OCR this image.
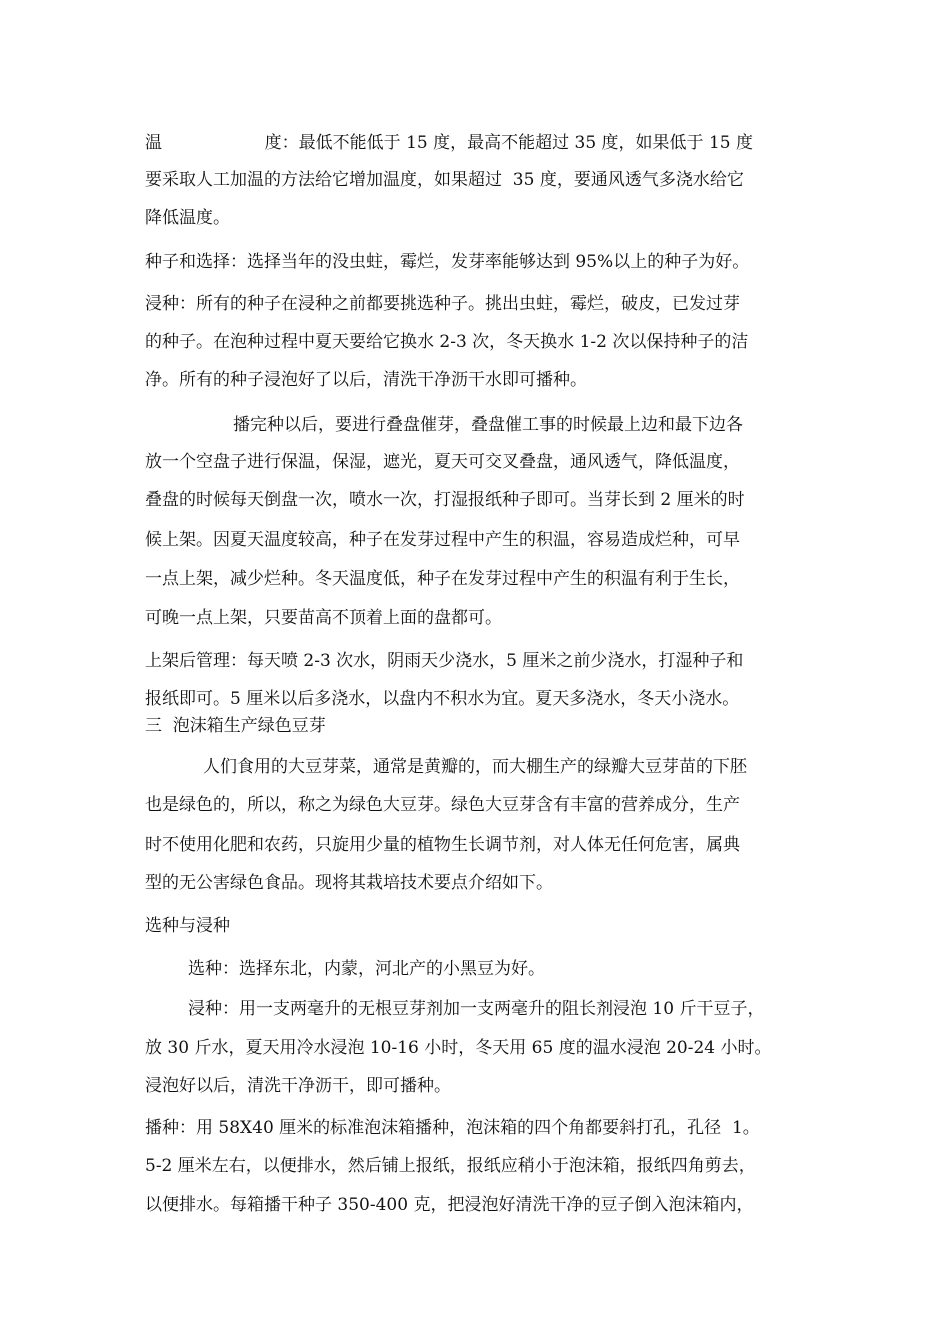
温                   度：最低不能低于 15 度，最高不能超过 35 度，如果低于 15 度
要采取人工加温的方法给它增加温度，如果超过  35 度，要通风透气多浇水给它
降低温度。
种子和选择：选择当年的没虫蛀，霉烂，发芽率能够达到 95%以上的种子为好。
浸种：所有的种子在浸种之前都要挑选种子。挑出虫蛀，霉烂，破皮，已发过芽
的种子。在泡种过程中夏天要给它换水 2-3 次，冬天换水 1-2 次以保持种子的洁
净。所有的种子浸泡好了以后，清洗干净沥干水即可播种。
播完种以后，要进行叠盘催芽，叠盘催工事的时候最上边和最下边各
放一个空盘子进行保温，保湿，遮光，夏天可交叉叠盘，通风透气，降低温度，
叠盘的时候每天倒盘一次，喷水一次，打湿报纸种子即可。当芽长到 2 厘米的时
候上架。因夏天温度较高，种子在发芽过程中产生的积温，容易造成烂种，可早
一点上架，减少烂种。冬天温度低，种子在发芽过程中产生的积温有利于生长，
可晚一点上架，只要苗高不顶着上面的盘都可。
上架后管理：每天喷 2-3 次水，阴雨天少浇水，5 厘米之前少浇水，打湿种子和
报纸即可。5 厘米以后多浇水，以盘内不积水为宜。夏天多浇水，冬天小浇水。
三  泡沫箱生产绿色豆芽
人们食用的大豆芽菜，通常是黄瓣的，而大棚生产的绿瓣大豆芽苗的下胚
也是绿色的，所以，称之为绿色大豆芽。绿色大豆芽含有丰富的营养成分，生产
时不使用化肥和农药，只旋用少量的植物生长调节剂，对人体无任何危害，属典
型的无公害绿色食品。现将其栽培技术要点介绍如下。
选种与浸种
选种：选择东北，内蒙，河北产的小黑豆为好。
浸种：用一支两毫升的无根豆芽剂加一支两毫升的阻长剂浸泡 10 斤干豆子，
放 30 斤水，夏天用冷水浸泡 10-16 小时，冬天用 65 度的温水浸泡 20-24 小时。
浸泡好以后，清洗干净沥干，即可播种。
播种：用 58X40 厘米的标准泡沫箱播种，泡沫箱的四个角都要斜打孔，孔径  1。
5-2 厘米左右，以便排水，然后铺上报纸，报纸应稍小于泡沫箱，报纸四角剪去，
以便排水。每箱播干种子 350-400 克，把浸泡好清洗干净的豆子倒入泡沫箱内，
